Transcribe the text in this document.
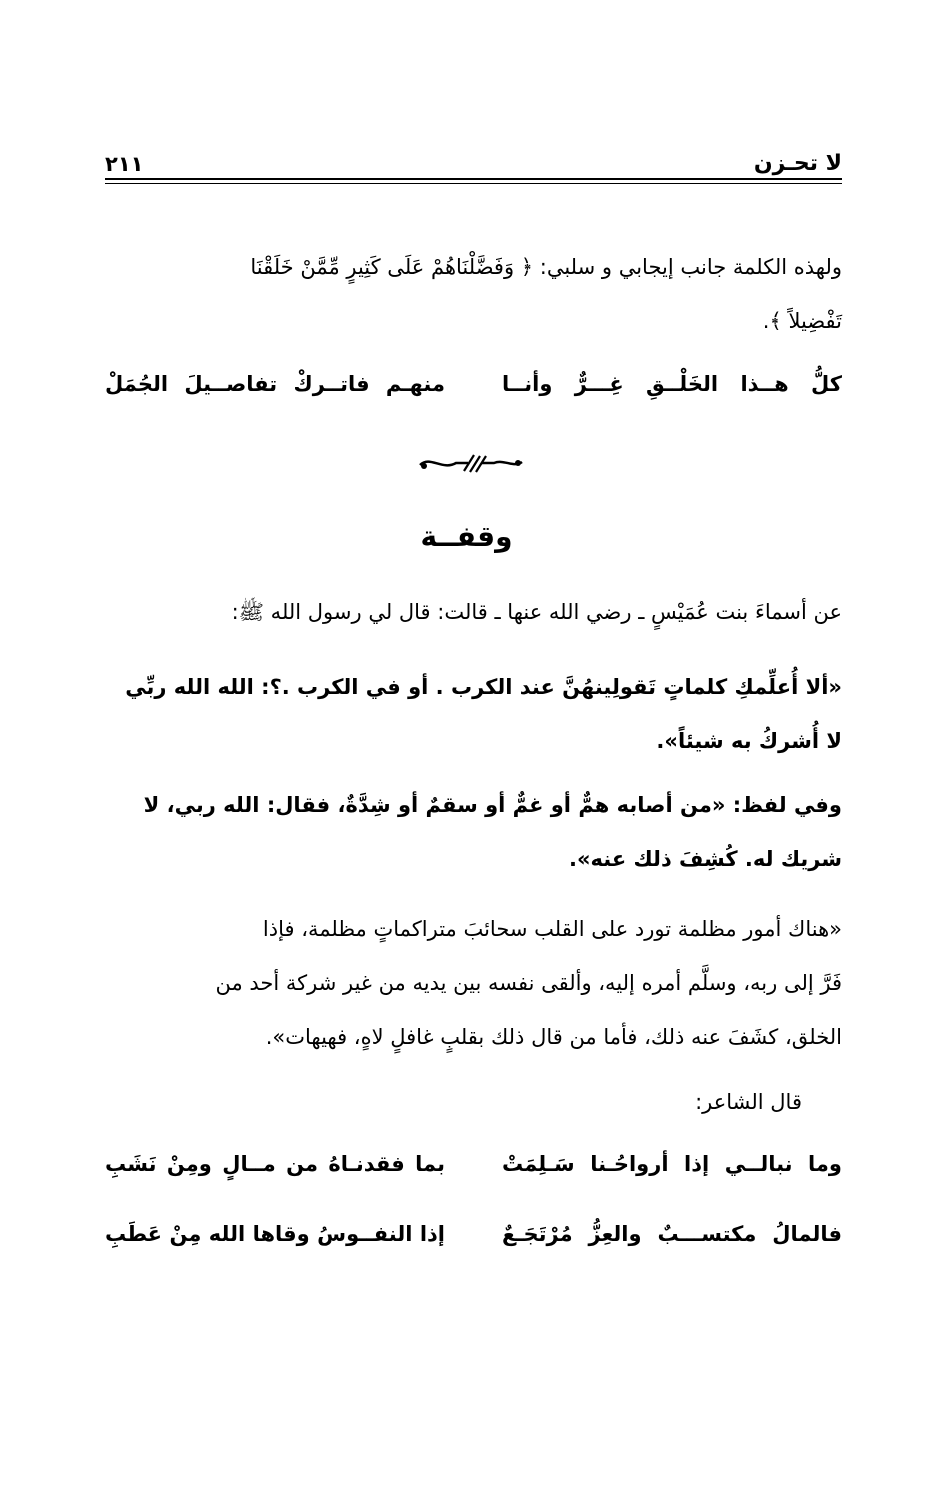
٢١١	لا تحـزن

ولهذه الكلمة جانب إيجابي و سلبي: ﴿ وَفَضَّلْنَاهُمْ عَلَى كَثِيرٍ مِّمَّنْ خَلَقْنَا
تَفْضِيلاً ﴾.

كلُّ هــذا الخَلْــقِ غِـــرٌّ وأنــا
منهـم فاتــركْ تفاصــيلَ الجُمَلْ
وقفــة

عن أسماءَ بنت عُمَيْسٍ ـ رضي الله عنها ـ قالت: قال لي رسول الله ﷺ:

«ألا أُعلِّمكِ كلماتٍ تَقولِينهُنَّ عند الكرب . أو في الكرب .؟: الله الله ربِّي
لا أُشركُ به شيئاً».

وفي لفظ: «من أصابه همٌّ أو غمٌّ أو سقمٌ أو شِدَّةٌ، فقال: الله ربي، لا
شريك له. كُشِفَ ذلك عنه».

«هناك أمور مظلمة تورد على القلب سحائبَ متراكماتٍ مظلمة، فإذا
فَرَّ إلى ربه، وسلَّم أمره إليه، وألقى نفسه بين يديه من غير شركة أحد من
الخلق، كشَفَ عنه ذلك، فأما من قال ذلك بقلبٍ غافلٍ لاهٍ، فهيهات».

قال الشاعر:

وما نبالــي إذا أرواحُـنا سَـلِمَتْ
بما فقدنـاهُ من مــالٍ ومِنْ نَشَبِ
فالمالُ مكتســـبٌ والعِزُّ مُرْتَجَـعٌ
إذا النفــوسُ وقاها الله مِنْ عَطَبِ
